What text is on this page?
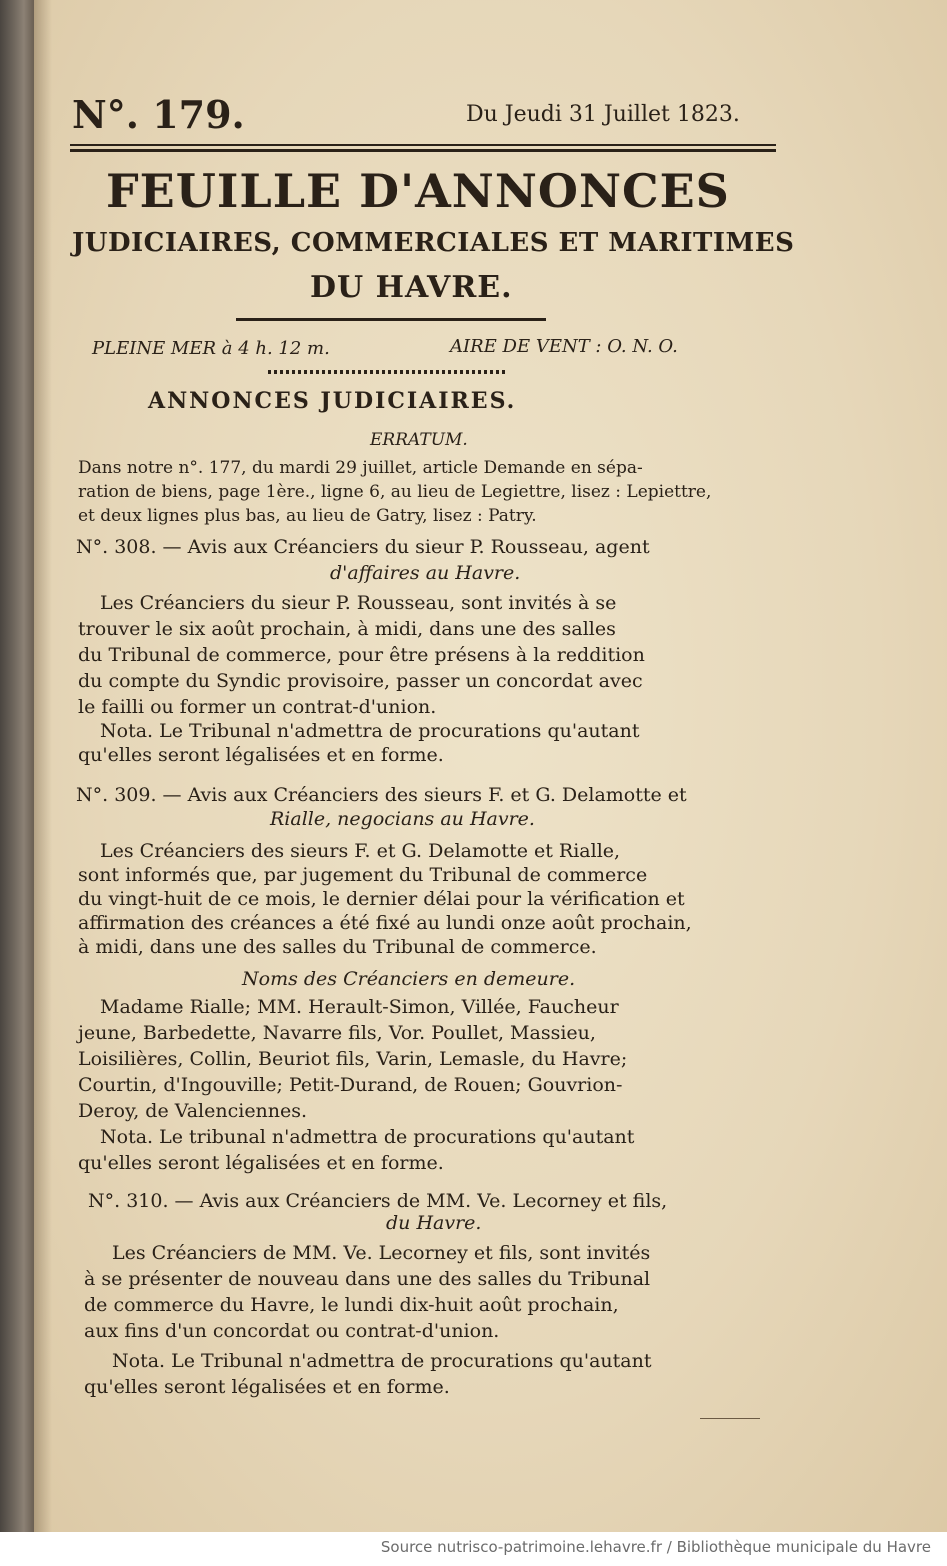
N°. 179.	Du Jeudi 31 Juillet 1823.
FEUILLE D'ANNONCES
JUDICIAIRES, COMMERCIALES ET MARITIMES
DU HAVRE.
PLEINE MER à 4 h. 12 m.	AIRE DE VENT : O. N. O.
ANNONCES JUDICIAIRES.
ERRATUM.
Dans notre n°. 177, du mardi 29 juillet, article Demande en sépa-
ration de biens, page 1ère., ligne 6, au lieu de Legiettre, lisez : Lepiettre,
et deux lignes plus bas, au lieu de Gatry, lisez : Patry.
N°. 308. — Avis aux Créanciers du sieur P. Rousseau, agent
d'affaires au Havre.
Les Créanciers du sieur P. Rousseau, sont invités à se
trouver le six août prochain, à midi, dans une des salles
du Tribunal de commerce, pour être présens à la reddition
du compte du Syndic provisoire, passer un concordat avec
le failli ou former un contrat-d'union.
Nota. Le Tribunal n'admettra de procurations qu'autant
qu'elles seront légalisées et en forme.
N°. 309. — Avis aux Créanciers des sieurs F. et G. Delamotte et
Rialle, negocians au Havre.
Les Créanciers des sieurs F. et G. Delamotte et Rialle,
sont informés que, par jugement du Tribunal de commerce
du vingt-huit de ce mois, le dernier délai pour la vérification et
affirmation des créances a été fixé au lundi onze août prochain,
à midi, dans une des salles du Tribunal de commerce.
Noms des Créanciers en demeure.
Madame Rialle; MM. Herault-Simon, Villée, Faucheur
jeune, Barbedette, Navarre fils, Vor. Poullet, Massieu,
Loisilières, Collin, Beuriot fils, Varin, Lemasle, du Havre;
Courtin, d'Ingouville; Petit-Durand, de Rouen; Gouvrion-
Deroy, de Valenciennes.
Nota. Le tribunal n'admettra de procurations qu'autant
qu'elles seront légalisées et en forme.
N°. 310. — Avis aux Créanciers de MM. Ve. Lecorney et fils,
du Havre.
Les Créanciers de MM. Ve. Lecorney et fils, sont invités
à se présenter de nouveau dans une des salles du Tribunal
de commerce du Havre, le lundi dix-huit août prochain,
aux fins d'un concordat ou contrat-d'union.
Nota. Le Tribunal n'admettra de procurations qu'autant
qu'elles seront légalisées et en forme.
Source nutrisco-patrimoine.lehavre.fr / Bibliothèque municipale du Havre
